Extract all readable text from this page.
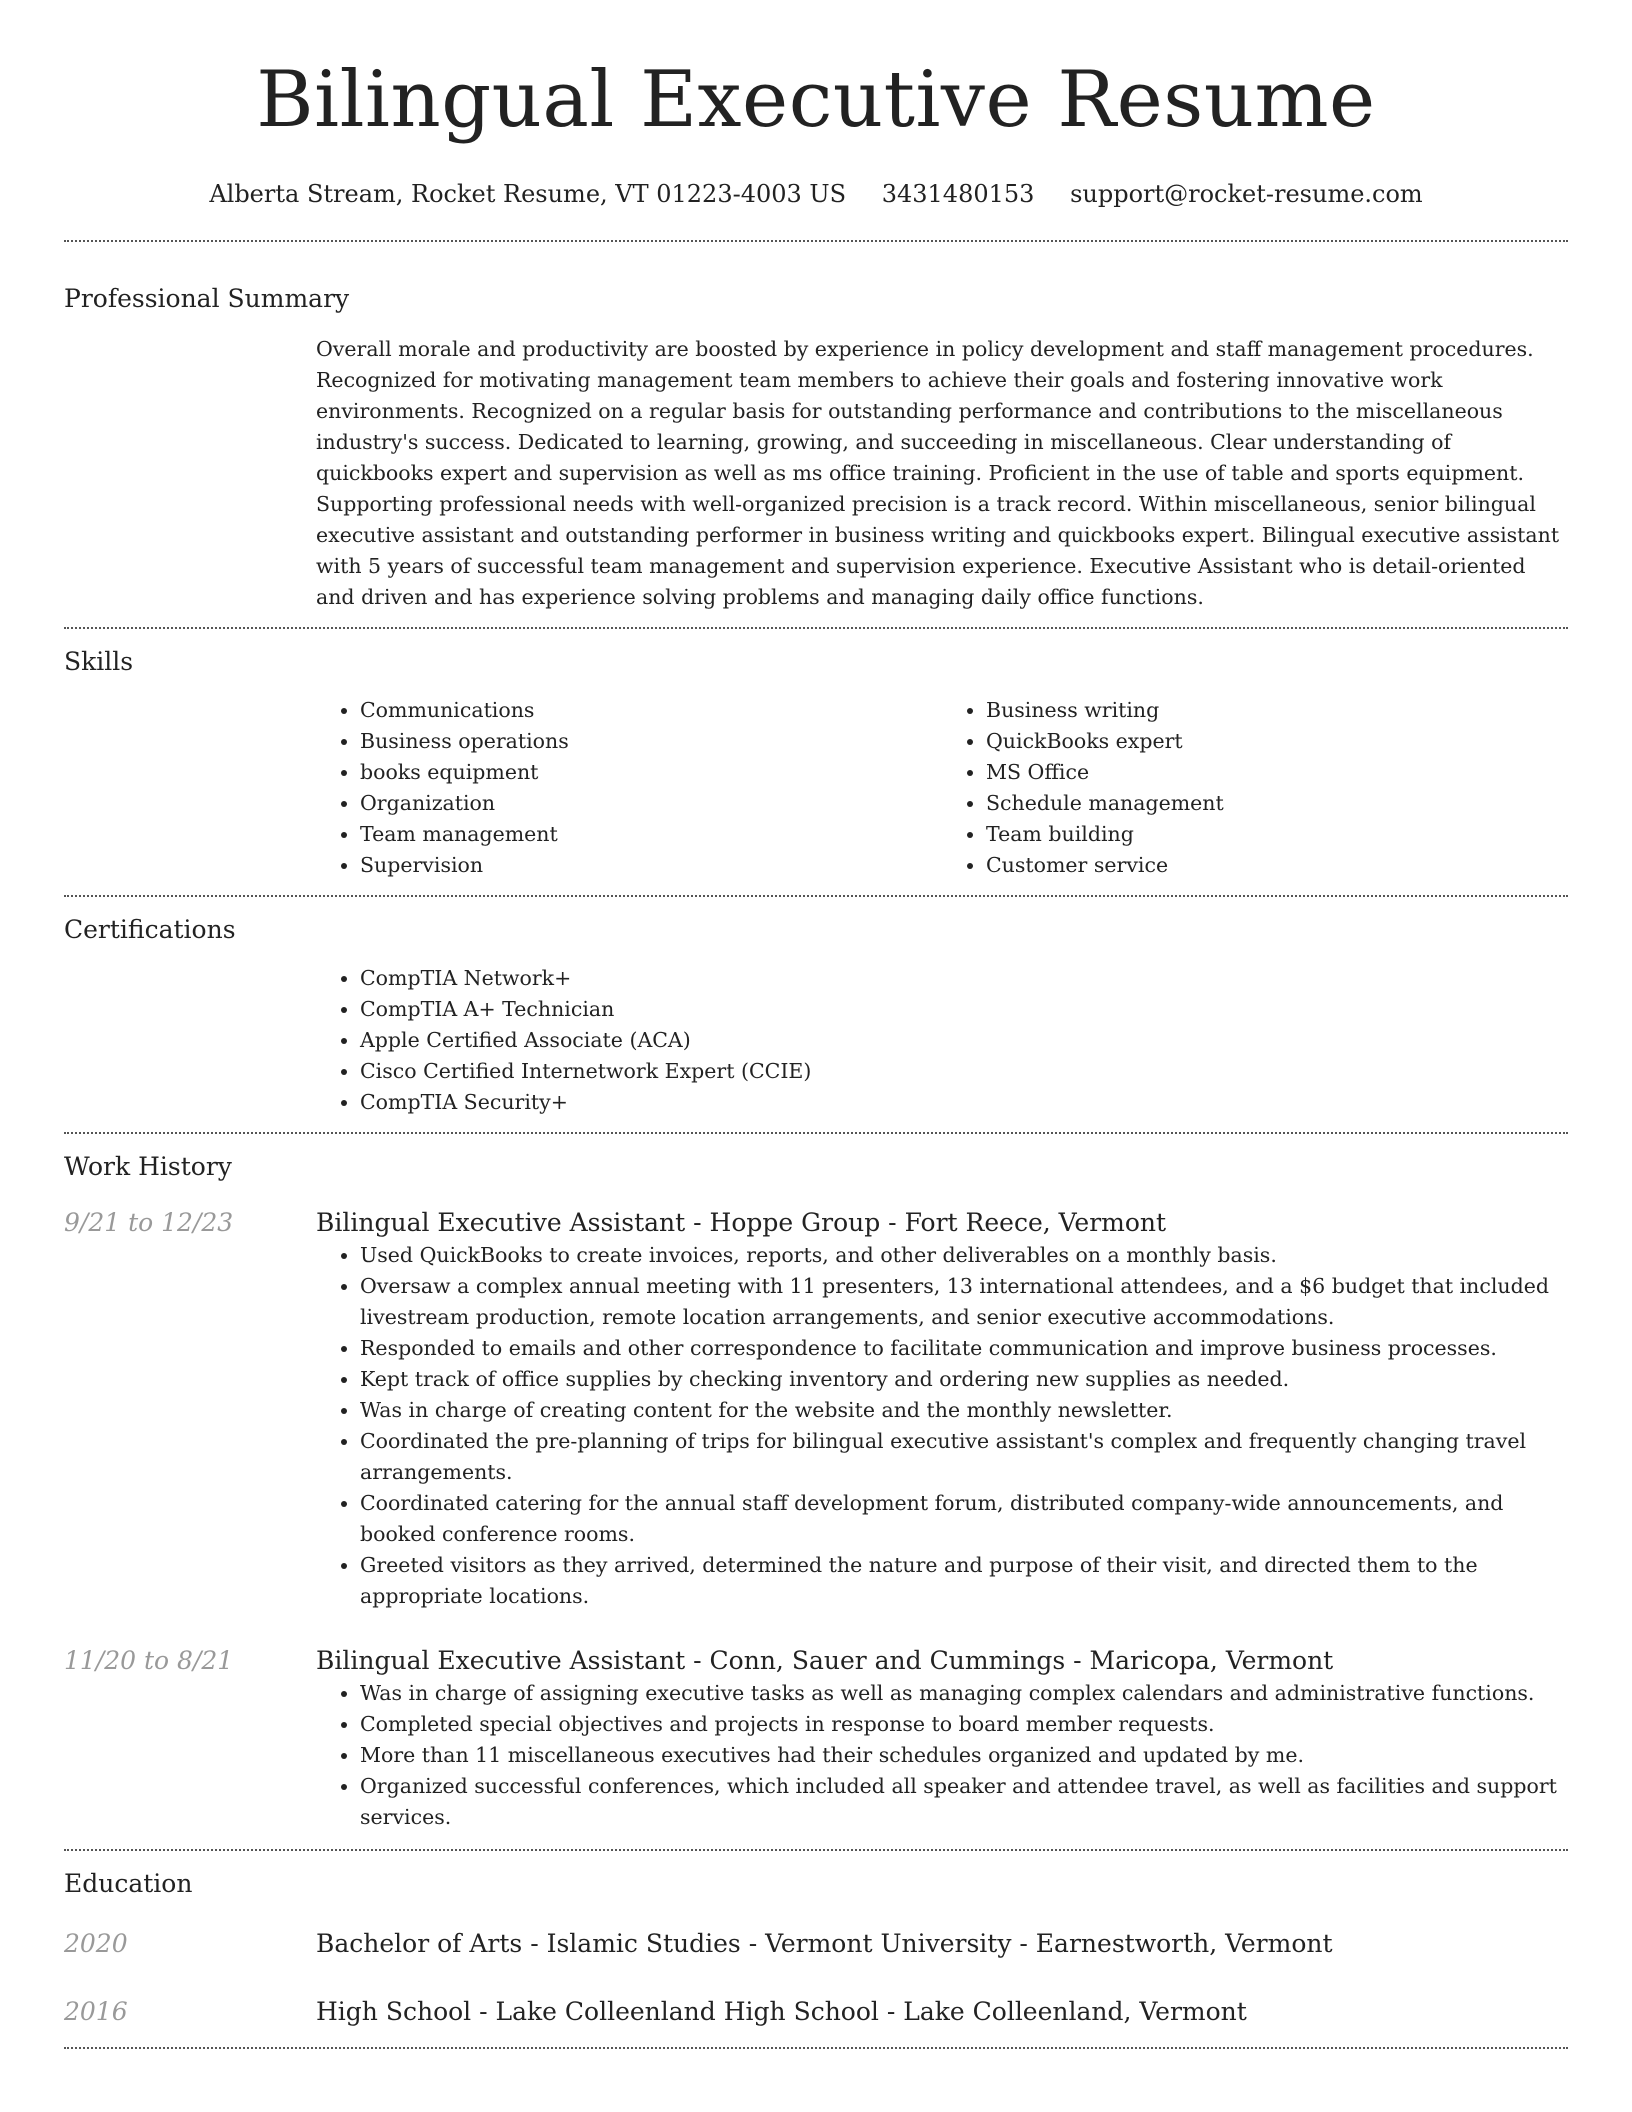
Bilingual Executive Resume
Alberta Stream, Rocket Resume, VT 01223-4003 US 3431480153 support@rocket-resume.com
Professional Summary
Overall morale and productivity are boosted by experience in policy development and staff management procedures. Recognized for motivating management team members to achieve their goals and fostering innovative work environments. Recognized on a regular basis for outstanding performance and contributions to the miscellaneous industry's success. Dedicated to learning, growing, and succeeding in miscellaneous. Clear understanding of quickbooks expert and supervision as well as ms office training. Proficient in the use of table and sports equipment. Supporting professional needs with well-organized precision is a track record. Within miscellaneous, senior bilingual executive assistant and outstanding performer in business writing and quickbooks expert. Bilingual executive assistant with 5 years of successful team management and supervision experience. Executive Assistant who is detail-oriented and driven and has experience solving problems and managing daily office functions.
Skills
• Communications
• Business operations
• books equipment
• Organization
• Team management
• Supervision
• Business writing
• QuickBooks expert
• MS Office
• Schedule management
• Team building
• Customer service
Certifications
• CompTIA Network+
• CompTIA A+ Technician
• Apple Certified Associate (ACA)
• Cisco Certified Internetwork Expert (CCIE)
• CompTIA Security+
Work History
9/21 to 12/23	Bilingual Executive Assistant - Hoppe Group - Fort Reece, Vermont
• Used QuickBooks to create invoices, reports, and other deliverables on a monthly basis.
• Oversaw a complex annual meeting with 11 presenters, 13 international attendees, and a $6 budget that included livestream production, remote location arrangements, and senior executive accommodations.
• Responded to emails and other correspondence to facilitate communication and improve business processes.
• Kept track of office supplies by checking inventory and ordering new supplies as needed.
• Was in charge of creating content for the website and the monthly newsletter.
• Coordinated the pre-planning of trips for bilingual executive assistant's complex and frequently changing travel arrangements.
• Coordinated catering for the annual staff development forum, distributed company-wide announcements, and booked conference rooms.
• Greeted visitors as they arrived, determined the nature and purpose of their visit, and directed them to the appropriate locations.
11/20 to 8/21	Bilingual Executive Assistant - Conn, Sauer and Cummings - Maricopa, Vermont
• Was in charge of assigning executive tasks as well as managing complex calendars and administrative functions.
• Completed special objectives and projects in response to board member requests.
• More than 11 miscellaneous executives had their schedules organized and updated by me.
• Organized successful conferences, which included all speaker and attendee travel, as well as facilities and support services.
Education
2020	Bachelor of Arts - Islamic Studies - Vermont University - Earnestworth, Vermont
2016	High School - Lake Colleenland High School - Lake Colleenland, Vermont
